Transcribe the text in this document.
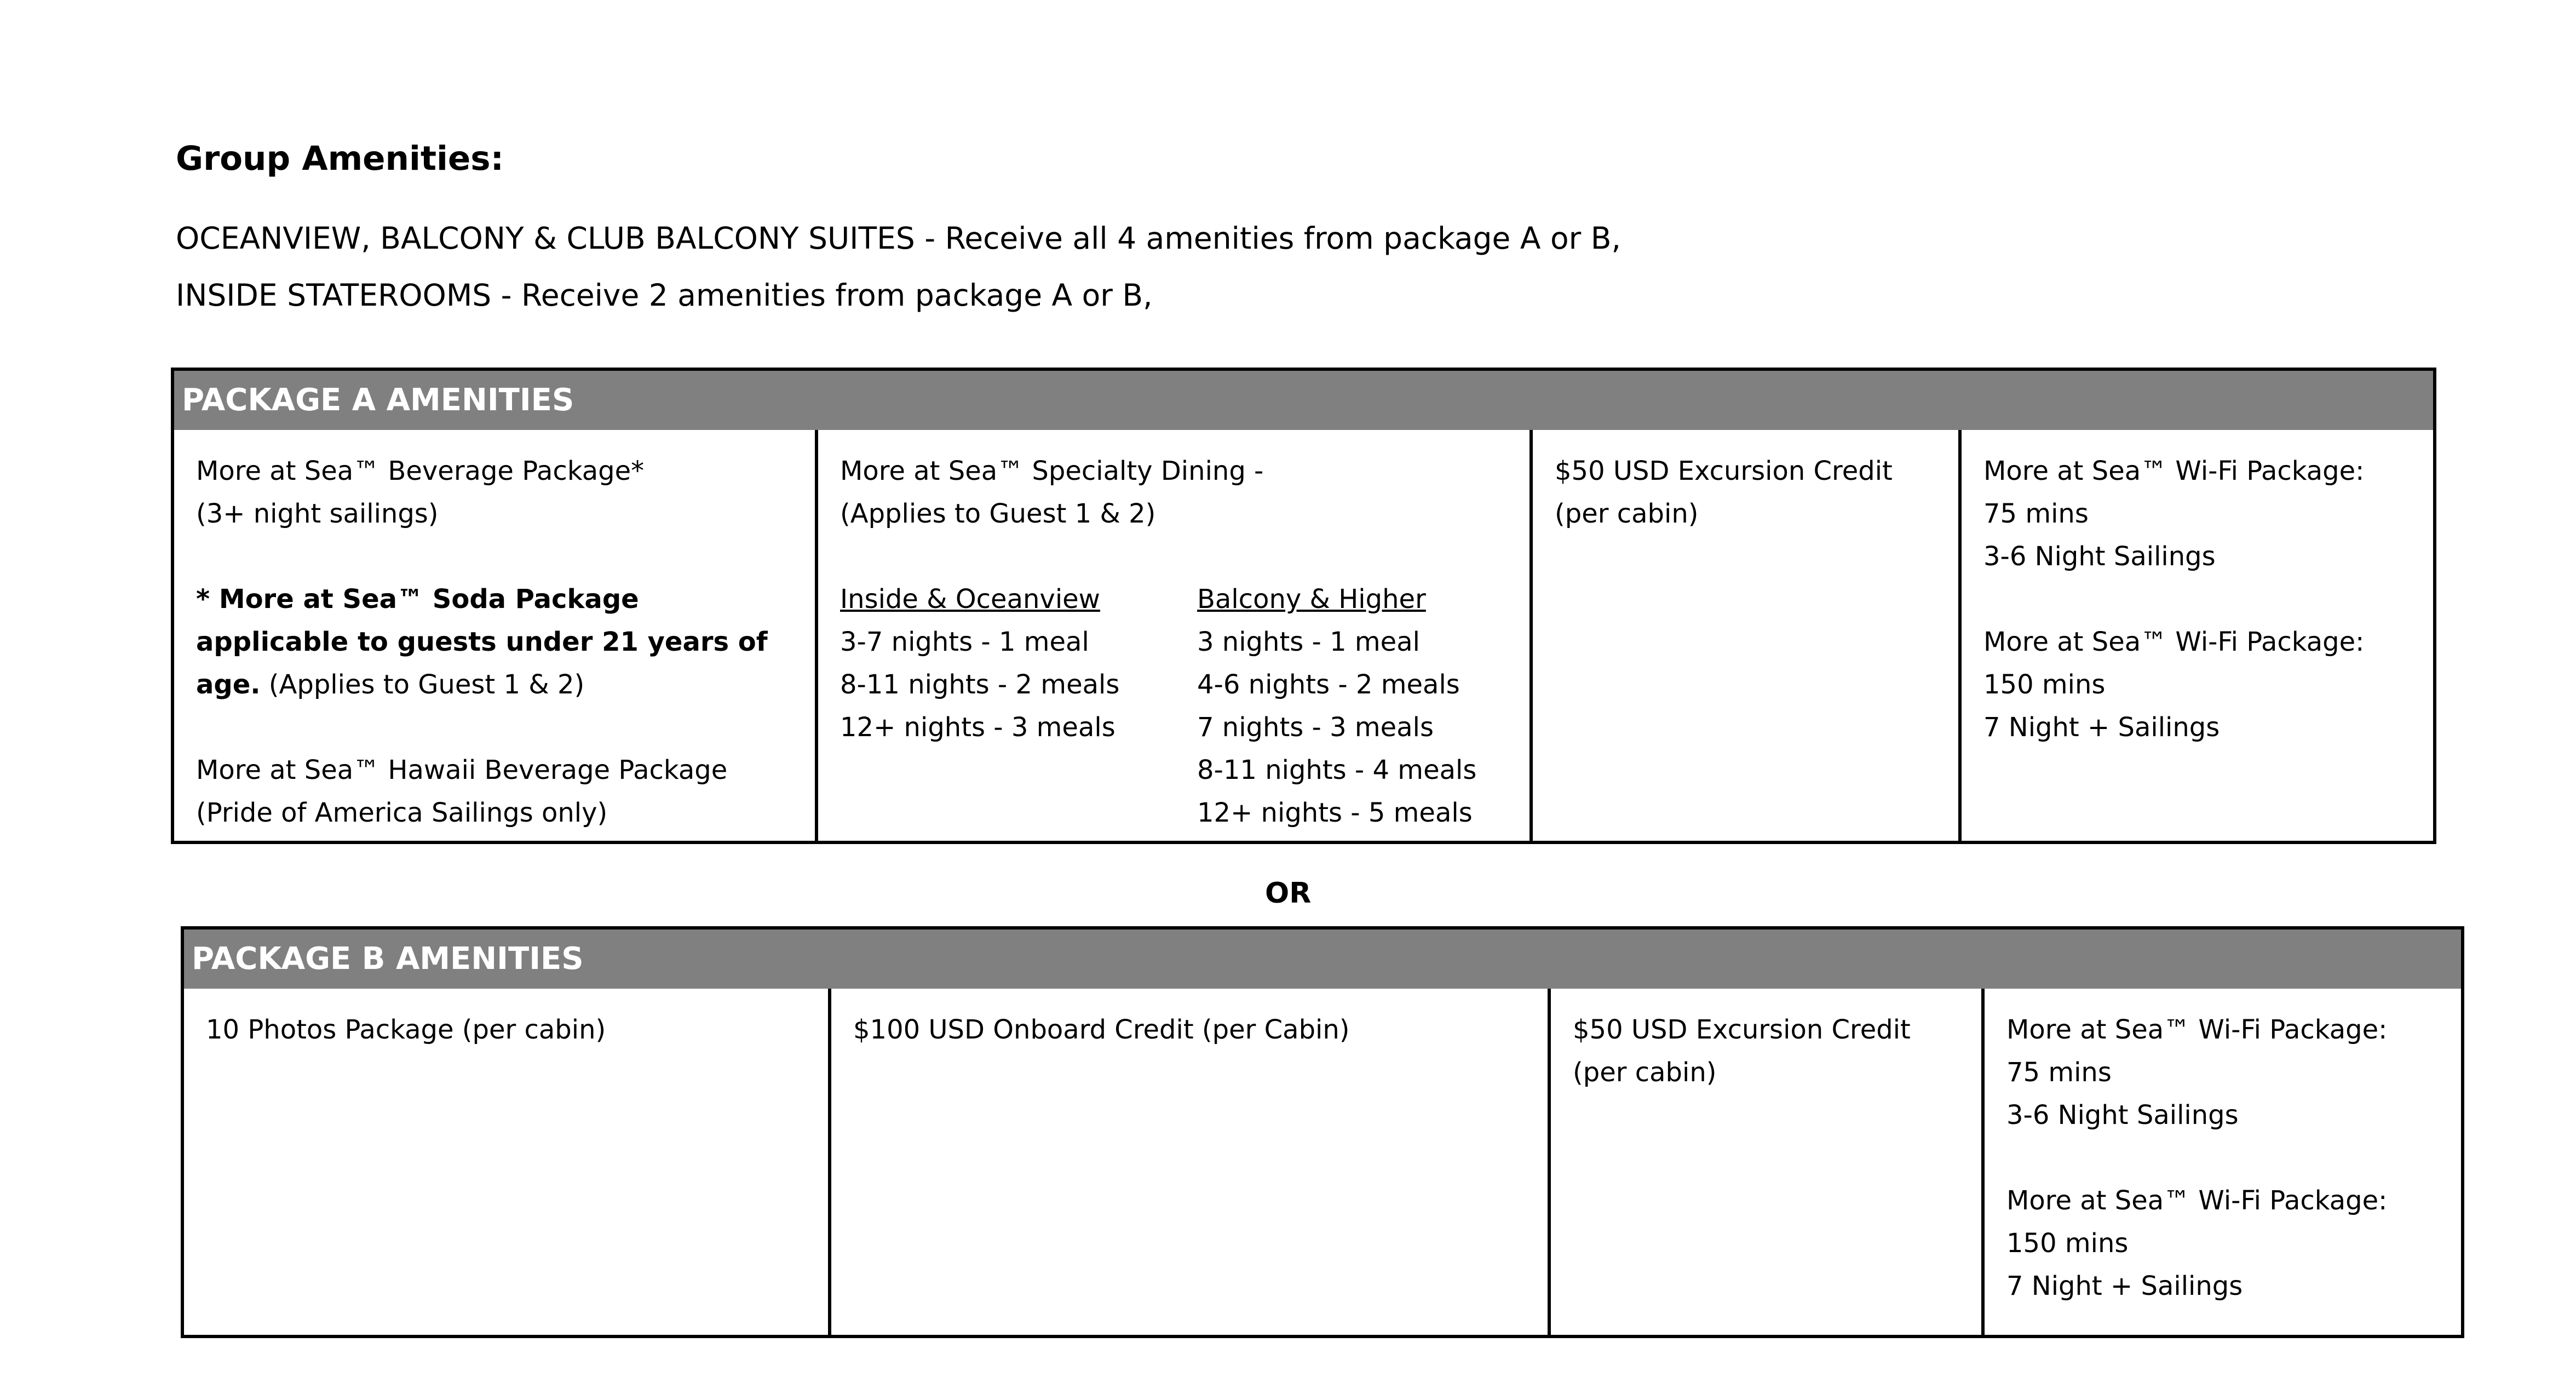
Group Amenities:
OCEANVIEW, BALCONY & CLUB BALCONY SUITES - Receive all 4 amenities from package A or B,
INSIDE STATEROOMS - Receive 2 amenities from package A or B,
PACKAGE A AMENITIES
More at Sea™ Beverage Package*
(3+ night sailings)
* More at Sea™ Soda Package
applicable to guests under 21 years of
age. (Applies to Guest 1 & 2)
More at Sea™ Hawaii Beverage Package
(Pride of America Sailings only)
More at Sea™ Specialty Dining -
(Applies to Guest 1 & 2)
Inside & Oceanview
3-7 nights - 1 meal
8-11 nights - 2 meals
12+ nights - 3 meals
Balcony & Higher
3 nights - 1 meal
4-6 nights - 2 meals
7 nights - 3 meals
8-11 nights - 4 meals
12+ nights - 5 meals
$50 USD Excursion Credit
(per cabin)
More at Sea™ Wi-Fi Package:
75 mins
3-6 Night Sailings
More at Sea™ Wi-Fi Package:
150 mins
7 Night + Sailings
OR
PACKAGE B AMENITIES
10 Photos Package (per cabin)	$100 USD Onboard Credit (per Cabin)	$50 USD Excursion Credit
(per cabin)
More at Sea™ Wi-Fi Package:
75 mins
3-6 Night Sailings
More at Sea™ Wi-Fi Package:
150 mins
7 Night + Sailings
